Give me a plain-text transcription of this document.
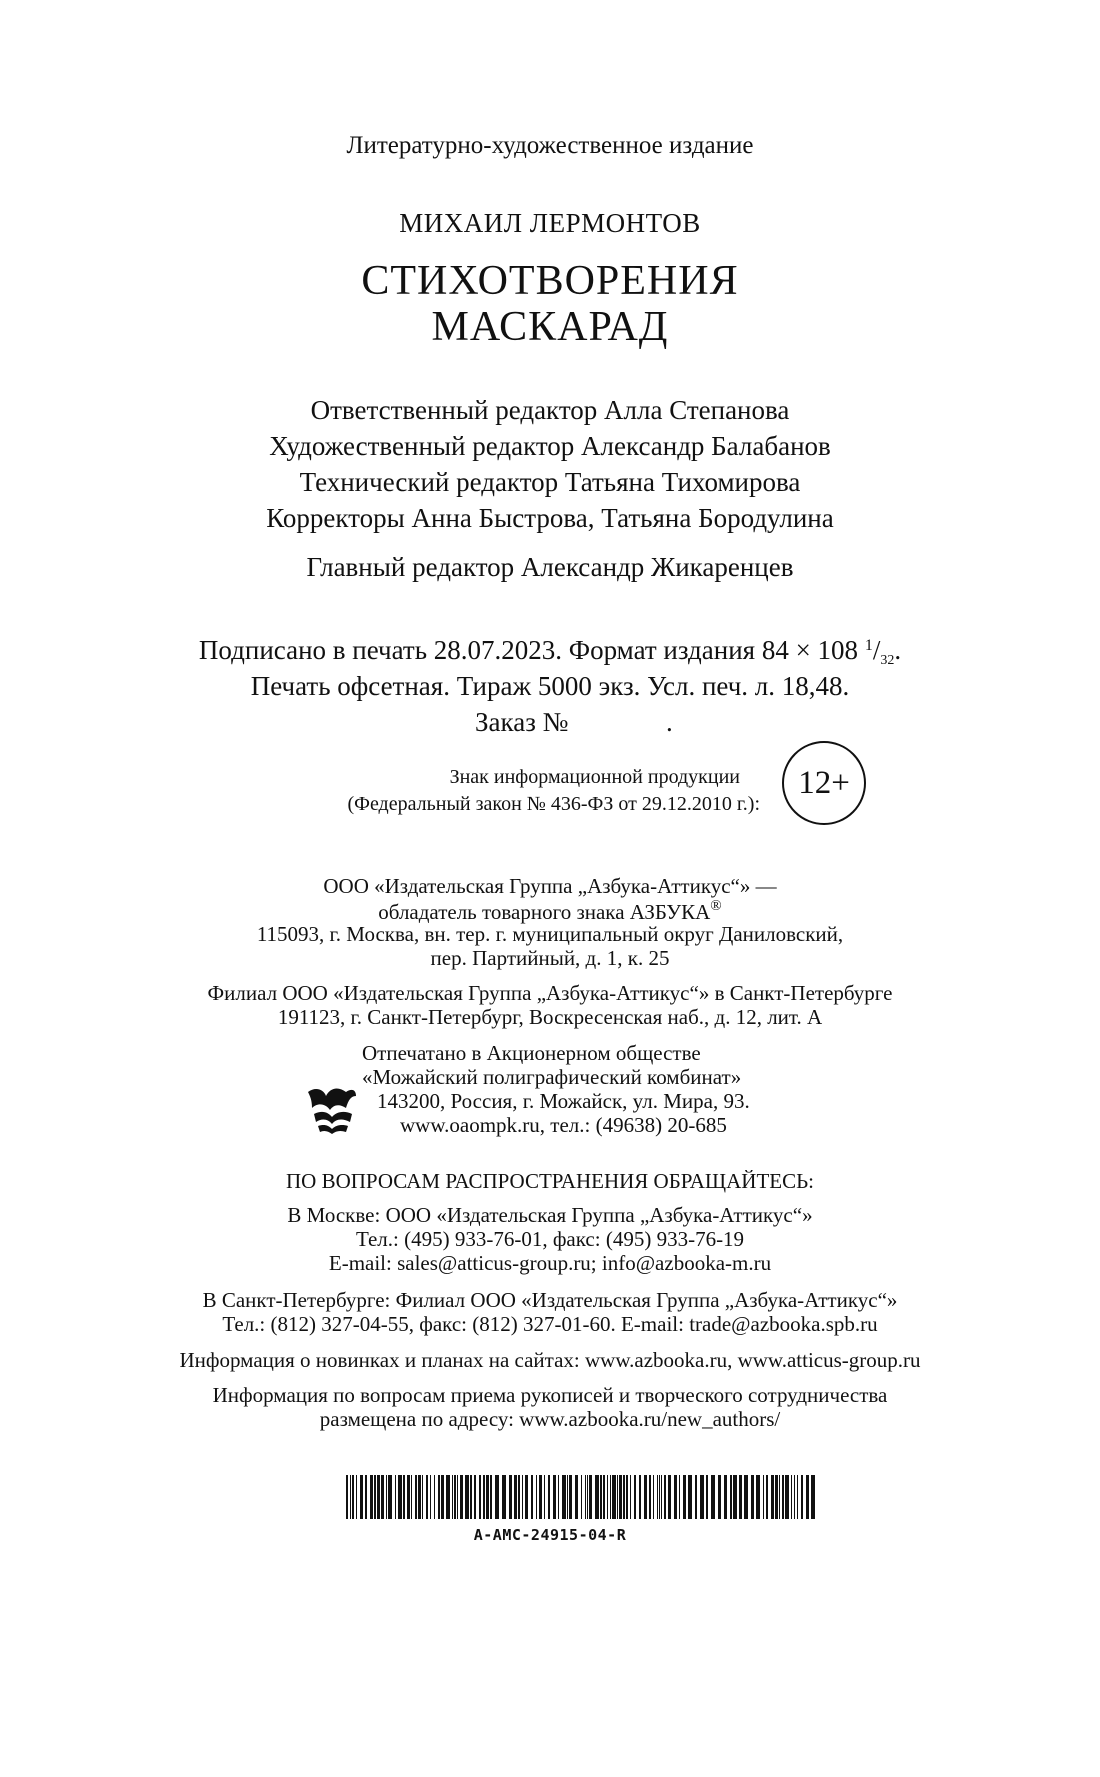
Литературно-художественное издание
МИХАИЛ ЛЕРМОНТОВ
СТИХОТВОРЕНИЯ
МАСКАРАД
Ответственный редактор Алла Степанова
Художественный редактор Александр Балабанов
Технический редактор Татьяна Тихомирова
Корректоры Анна Быстрова, Татьяна Бородулина
Главный редактор Александр Жикаренцев
Подписано в печать 28.07.2023. Формат издания 84 × 108 $^1$/32.
Печать офсетная. Тираж 5000 экз. Усл. печ. л. 18,48.
Заказ №	.
Знак информационной продукции
(Федеральный закон № 436-ФЗ от 29.12.2010 г.):
12+
ООО «Издательская Группа „Азбука-Аттикус“» —
обладатель товарного знака АЗБУКА®
115093, г. Москва, вн. тер. г. муниципальный округ Даниловский,
пер. Партийный, д. 1, к. 25
Филиал ООО «Издательская Группа „Азбука-Аттикус“» в Санкт-Петербурге
191123, г. Санкт-Петербург, Воскресенская наб., д. 12, лит. А
Отпечатано в Акционерном обществе
«Можайский полиграфический комбинат»
143200, Россия, г. Можайск, ул. Мира, 93.
www.oaompk.ru, тел.: (49638) 20-685
ПО ВОПРОСАМ РАСПРОСТРАНЕНИЯ ОБРАЩАЙТЕСЬ:
В Москве: ООО «Издательская Группа „Азбука-Аттикус“»
Тел.: (495) 933-76-01, факс: (495) 933-76-19
E-mail: sales@atticus-group.ru; info@azbooka-m.ru
В Санкт-Петербурге: Филиал ООО «Издательская Группа „Азбука-Аттикус“»
Тел.: (812) 327-04-55, факс: (812) 327-01-60. E-mail: trade@azbooka.spb.ru
Информация о новинках и планах на сайтах: www.azbooka.ru, www.atticus-group.ru
Информация по вопросам приема рукописей и творческого сотрудничества
размещена по адресу: www.azbooka.ru/new_authors/
A-AMC-24915-04-R
